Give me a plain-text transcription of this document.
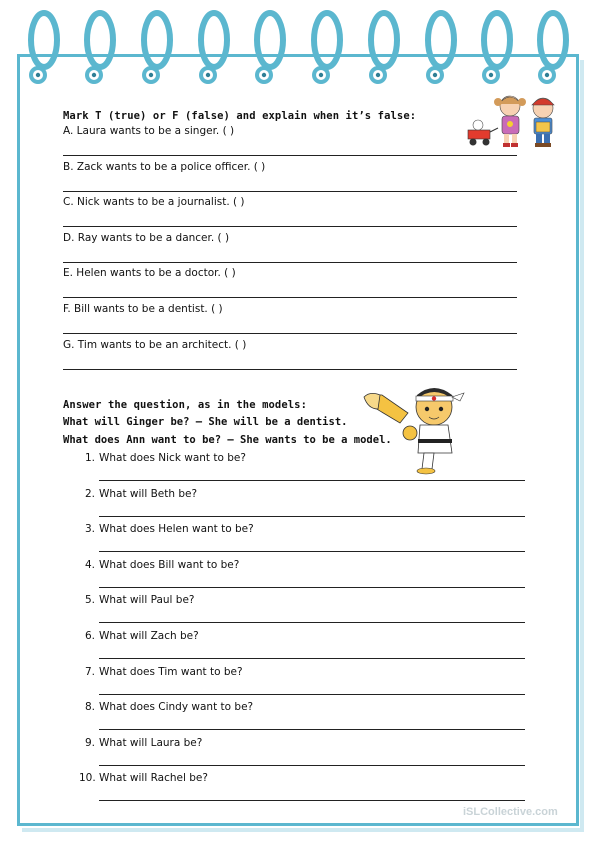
Mark T (true) or F (false) and explain when it’s false:
A. Laura wants to be a singer. ( )
B. Zack wants to be a police officer. ( )
C. Nick wants to be a journalist. ( )
D. Ray wants to be a dancer. ( )
E. Helen wants to be a doctor. ( )
F. Bill wants to be a dentist. ( )
G. Tim wants to be an architect. ( )
Answer the question, as in the models:
What will Ginger be? – She will be a dentist.
What does Ann want to be? – She wants to be a model.
1. What does Nick want to be?
2. What will Beth be?
3. What does Helen want to be?
4. What does Bill want to be?
5. What will Paul be?
6. What will Zach be?
7. What does Tim want to be?
8. What does Cindy want to be?
9. What will Laura be?
10. What will Rachel be?
iSLCollective.com
